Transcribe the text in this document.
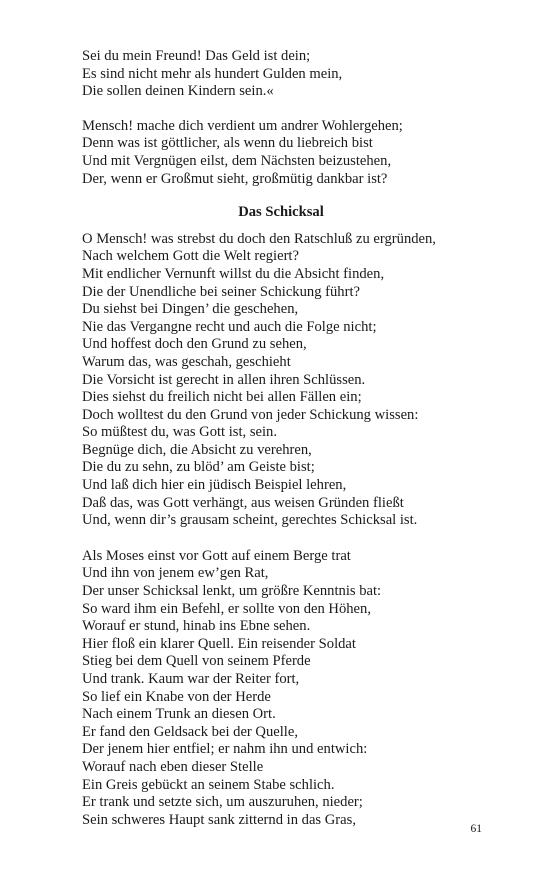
Sei du mein Freund! Das Geld ist dein;
Es sind nicht mehr als hundert Gulden mein,
Die sollen deinen Kindern sein.«
Mensch! mache dich verdient um andrer Wohlergehen;
Denn was ist göttlicher, als wenn du liebreich bist
Und mit Vergnügen eilst, dem Nächsten beizustehen,
Der, wenn er Großmut sieht, großmütig dankbar ist?
Das Schicksal
O Mensch! was strebst du doch den Ratschluß zu ergründen,
Nach welchem Gott die Welt regiert?
Mit endlicher Vernunft willst du die Absicht finden,
Die der Unendliche bei seiner Schickung führt?
Du siehst bei Dingen’ die geschehen,
Nie das Vergangne recht und auch die Folge nicht;
Und hoffest doch den Grund zu sehen,
Warum das, was geschah, geschieht
Die Vorsicht ist gerecht in allen ihren Schlüssen.
Dies siehst du freilich nicht bei allen Fällen ein;
Doch wolltest du den Grund von jeder Schickung wissen:
So müßtest du, was Gott ist, sein.
Begnüge dich, die Absicht zu verehren,
Die du zu sehn, zu blöd’ am Geiste bist;
Und laß dich hier ein jüdisch Beispiel lehren,
Daß das, was Gott verhängt, aus weisen Gründen fließt
Und, wenn dir’s grausam scheint, gerechtes Schicksal ist.
Als Moses einst vor Gott auf einem Berge trat
Und ihn von jenem ew’gen Rat,
Der unser Schicksal lenkt, um größre Kenntnis bat:
So ward ihm ein Befehl, er sollte von den Höhen,
Worauf er stund, hinab ins Ebne sehen.
Hier floß ein klarer Quell. Ein reisender Soldat
Stieg bei dem Quell von seinem Pferde
Und trank. Kaum war der Reiter fort,
So lief ein Knabe von der Herde
Nach einem Trunk an diesen Ort.
Er fand den Geldsack bei der Quelle,
Der jenem hier entfiel; er nahm ihn und entwich:
Worauf nach eben dieser Stelle
Ein Greis gebückt an seinem Stabe schlich.
Er trank und setzte sich, um auszuruhen, nieder;
Sein schweres Haupt sank zitternd in das Gras,
61
